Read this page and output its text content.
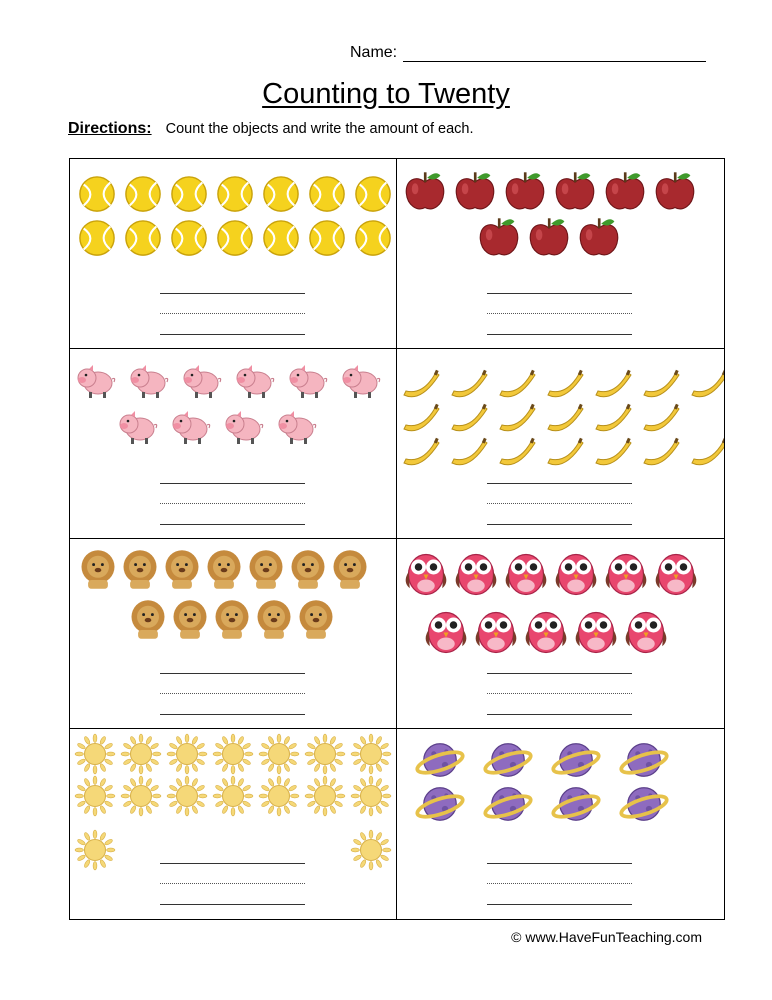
Name:
Counting to Twenty
Directions: Count the objects and write the amount of each.
© www.HaveFunTeaching.com
